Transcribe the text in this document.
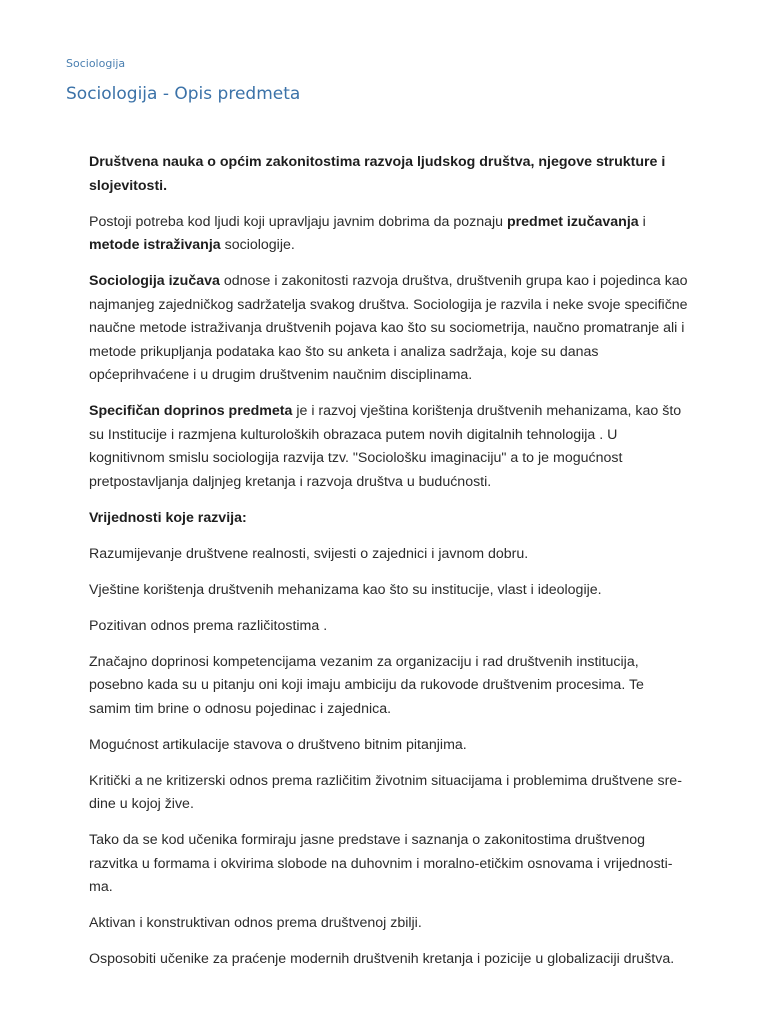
Sociologija
Sociologija - Opis predmeta

Društvena nauka o općim zakonitostima razvoja ljudskog društva, njegove strukture i slojevitosti.

Postoji potreba kod ljudi koji upravljaju javnim dobrima da poznaju predmet izučavanja i metode istraživanja sociologije.

Sociologija izučava odnose i zakonitosti razvoja društva, društvenih grupa kao i pojedinca kao najmanjeg zajedničkog sadržatelja svakog društva. Sociologija je razvila i neke svoje specifične naučne metode istraživanja društvenih pojava kao što su sociometrija, naučno promatranje ali i metode prikupljanja podataka kao što su anketa i analiza sadržaja, koje su danas općeprihvaćene i u drugim društvenim naučnim disciplinama.

Specifičan doprinos predmeta je i razvoj vještina korištenja društvenih mehanizama, kao što su Institucije i razmjena kulturoloških obrazaca putem novih digitalnih tehnologija . U kognitivnom smislu sociologija razvija tzv. "Sociološku imaginaciju" a to je mogućnost pretpostavljanja daljnjeg kretanja i razvoja društva u budućnosti.

Vrijednosti koje razvija:

Razumijevanje društvene realnosti, svijesti o zajednici i javnom dobru.

Vještine korištenja društvenih mehanizama kao što su institucije, vlast i ideologije.

Pozitivan odnos prema različitostima .

Značajno doprinosi kompetencijama vezanim za organizaciju i rad društvenih institucija, posebno kada su u pitanju oni koji imaju ambiciju da rukovode društvenim procesima. Te samim tim brine o odnosu pojedinac i zajednica.

Mogućnost artikulacije stavova o društveno bitnim pitanjima.

Kritički a ne kritizerski odnos prema različitim životnim situacijama i problemima društvene sredine u kojoj žive.

Tako da se kod učenika formiraju jasne predstave i saznanja o zakonitostima društvenog razvitka u formama i okvirima slobode na duhovnim i moralno-etičkim osnovama i vrijednostima.

Aktivan i konstruktivan odnos prema društvenoj zbilji.

Osposobiti učenike za praćenje modernih društvenih kretanja i pozicije u globalizaciji društva.
